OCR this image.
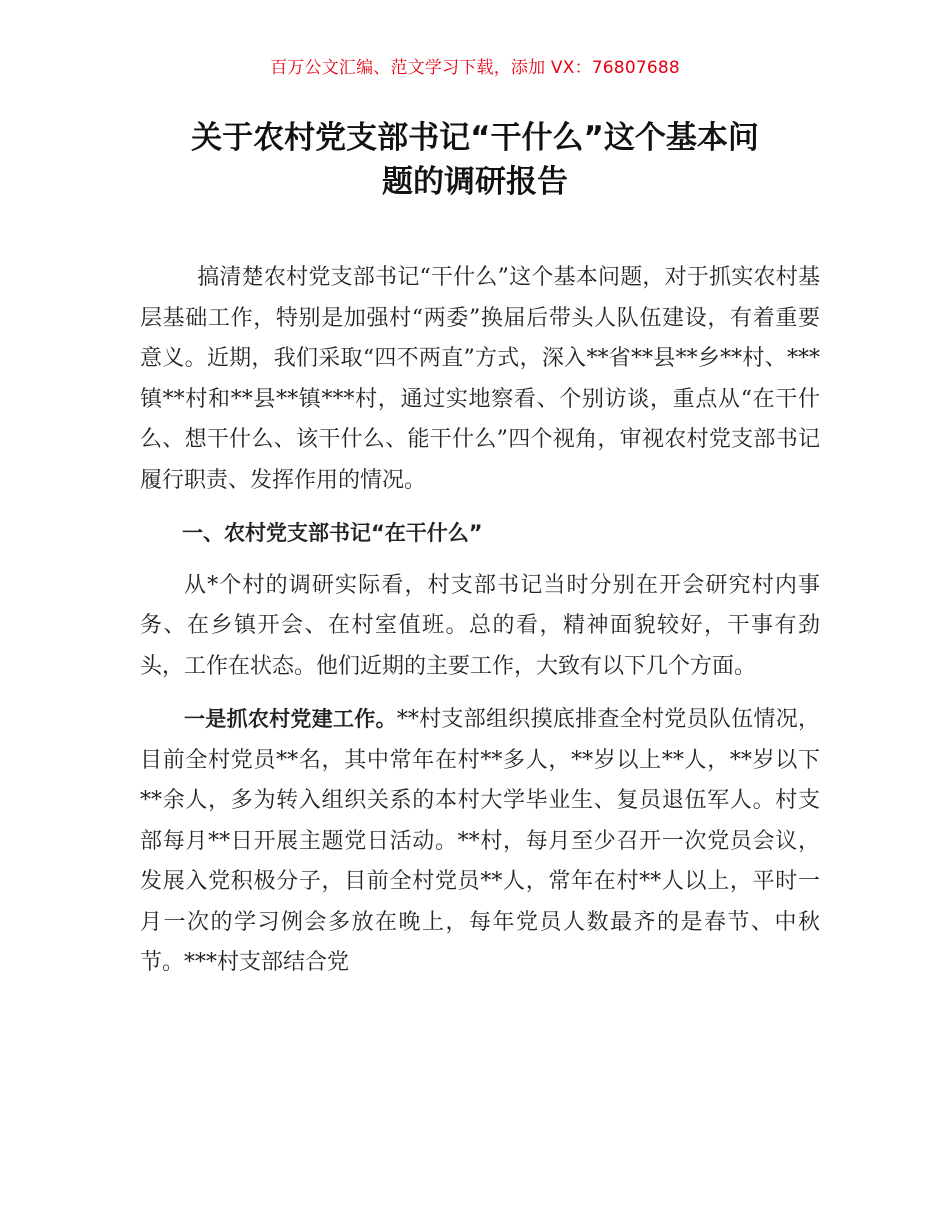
百万公文汇编、范文学习下载，添加 VX：76807688
关于农村党支部书记“干什么”这个基本问
题的调研报告

搞清楚农村党支部书记“干什么”这个基本问题，对于抓实农村基层基础工作，特别是加强村“两委”换届后带头人队伍建设，有着重要意义。近期，我们采取“四不两直”方式，深入**省**县**乡**村、***镇**村和**县**镇***村，通过实地察看、个别访谈，重点从“在干什么、想干什么、该干什么、能干什么”四个视角，审视农村党支部书记履行职责、发挥作用的情况。

一、农村党支部书记“在干什么”

从*个村的调研实际看，村支部书记当时分别在开会研究村内事务、在乡镇开会、在村室值班。总的看，精神面貌较好，干事有劲头，工作在状态。他们近期的主要工作，大致有以下几个方面。

一是抓农村党建工作。**村支部组织摸底排查全村党员队伍情况，目前全村党员**名，其中常年在村**多人，**岁以上**人，**岁以下**余人，多为转入组织关系的本村大学毕业生、复员退伍军人。村支部每月**日开展主题党日活动。**村，每月至少召开一次党员会议，发展入党积极分子，目前全村党员**人，常年在村**人以上，平时一月一次的学习例会多放在晚上，每年党员人数最齐的是春节、中秋节。***村支部结合党
